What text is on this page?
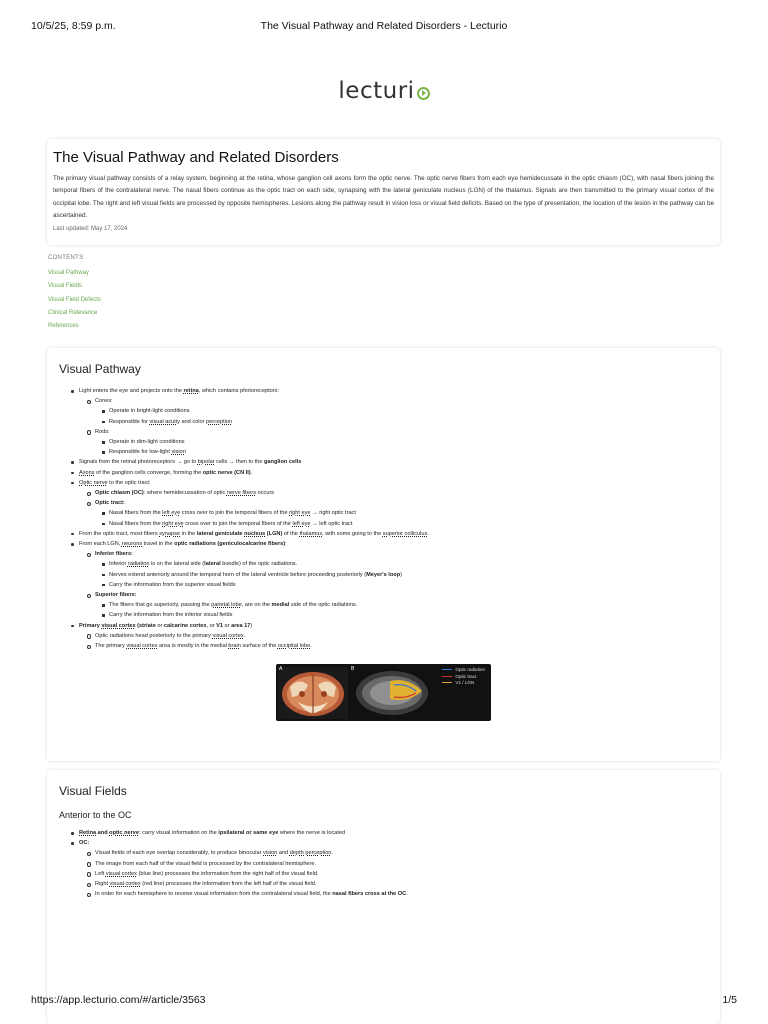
10/5/25, 8:59 p.m.	The Visual Pathway and Related Disorders - Lecturio
lecturi
The Visual Pathway and Related Disorders

The primary visual pathway consists of a relay system, beginning at the retina, whose ganglion cell axons form the optic nerve. The optic nerve fibers from each eye hemidecussate in the optic chiasm (OC), with nasal fibers joining the temporal fibers of the contralateral nerve. The nasal fibers continue as the optic tract on each side, synapsing with the lateral geniculate nucleus (LGN) of the thalamus. Signals are then transmitted to the primary visual cortex of the occipital lobe. The right and left visual fields are processed by opposite hemispheres. Lesions along the pathway result in vision loss or visual field deficits. Based on the type of presentation, the location of the lesion in the pathway can be ascertained.

Last updated: May 17, 2024

CONTENTS
Visual Pathway
Visual Fields
Visual Field Defects
Clinical Relevance
References
Visual Pathway
Light enters the eye and projects onto the retina, which contains photoreceptors:
Cones:
Operate in bright-light conditions
Responsible for visual acuity and color perception
Rods:
Operate in dim-light conditions
Responsible for low-light vision
Signals from the retinal photoreceptors → go to bipolar cells → then to the ganglion cells
Axons of the ganglion cells converge, forming the optic nerve (CN II).
Optic nerve to the optic tract:
Optic chiasm (OC): where hemidecussation of optic nerve fibers occurs
Optic tract:
Nasal fibers from the left eye cross over to join the temporal fibers of the right eye → right optic tract
Nasal fibers from the right eye cross over to join the temporal fibers of the left eye → left optic tract
From the optic tract, most fibers synapse in the lateral geniculate nucleus (LGN) of the thalamus, with some going to the superior colliculus.
From each LGN, neurons travel in the optic radiations (geniculocalcarine fibers):
Inferior fibers:
Inferior radiation is on the lateral side (lateral bundle) of the optic radiations.
Nerves extend anteriorly around the temporal horn of the lateral ventricle before proceeding posteriorly (Meyer's loop)
Carry the information from the superior visual fields
Superior fibers:
The fibers that go superiorly, passing the parietal lobe, are on the medial side of the optic radiations.
Carry the information from the inferior visual fields
Primary visual cortex (striate or calcarine cortex, or V1 or area 17)
Optic radiations head posteriorly to the primary visual cortex.
The primary visual cortex area is mostly in the medial brain surface of the occipital lobe.
A	B	Optic radiation
Optic tract
V1 / LGN
Visual Fields
Anterior to the OC
Retina and optic nerve: carry visual information on the ipsilateral or same eye where the nerve is located
OC:
Visual fields of each eye overlap considerably, to produce binocular vision and depth perception.
The image from each half of the visual field is processed by the contralateral hemisphere.
Left visual cortex (blue line) processes the information from the right half of the visual field.
Right visual cortex (red line) processes the information from the left half of the visual field.
In order for each hemisphere to receive visual information from the contralateral visual field, the nasal fibers cross at the OC.
https://app.lecturio.com/#/article/3563	1/5
